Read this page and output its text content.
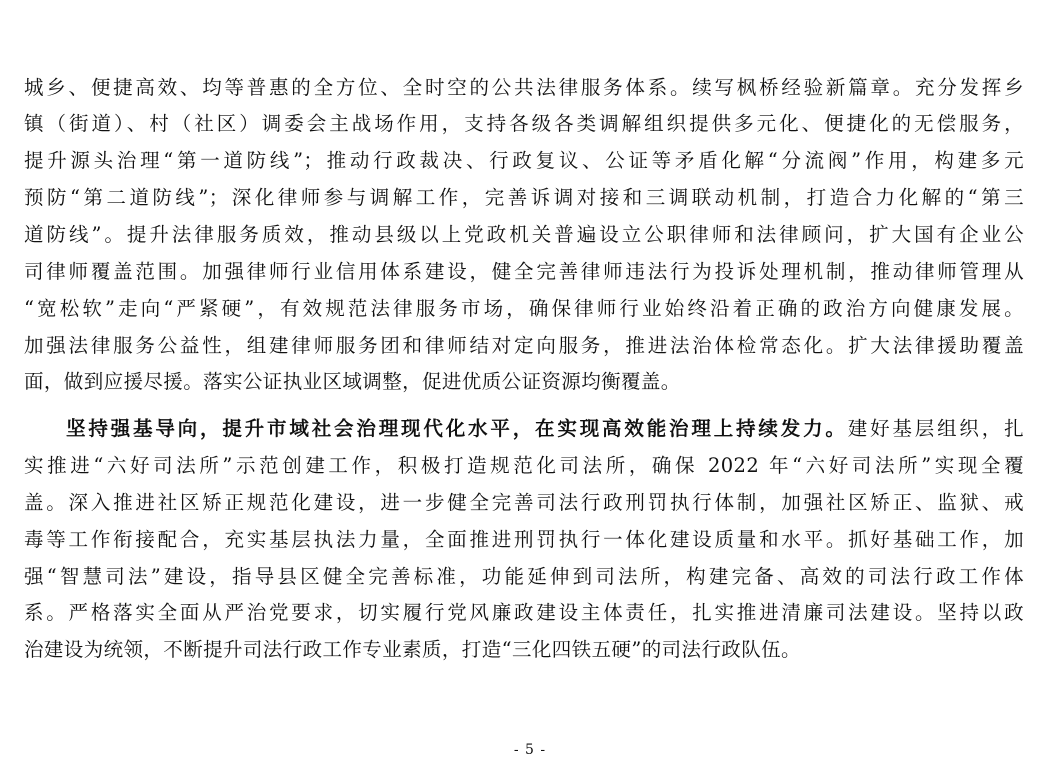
城乡、便捷高效、均等普惠的全方位、全时空的公共法律服务体系。续写枫桥经验新篇章。充分发挥乡
镇（街道）、村（社区）调委会主战场作用，支持各级各类调解组织提供多元化、便捷化的无偿服务，
提升源头治理“第一道防线”；推动行政裁决、行政复议、公证等矛盾化解“分流阀”作用，构建多元
预防“第二道防线”；深化律师参与调解工作，完善诉调对接和三调联动机制，打造合力化解的“第三
道防线”。提升法律服务质效，推动县级以上党政机关普遍设立公职律师和法律顾问，扩大国有企业公
司律师覆盖范围。加强律师行业信用体系建设，健全完善律师违法行为投诉处理机制，推动律师管理从
“宽松软”走向“严紧硬”，有效规范法律服务市场，确保律师行业始终沿着正确的政治方向健康发展。
加强法律服务公益性，组建律师服务团和律师结对定向服务，推进法治体检常态化。扩大法律援助覆盖
面，做到应援尽援。落实公证执业区域调整，促进优质公证资源均衡覆盖。
坚持强基导向，提升市域社会治理现代化水平，在实现高效能治理上持续发力。建好基层组织，扎
实推进“六好司法所”示范创建工作，积极打造规范化司法所，确保 2022 年“六好司法所”实现全覆
盖。深入推进社区矫正规范化建设，进一步健全完善司法行政刑罚执行体制，加强社区矫正、监狱、戒
毒等工作衔接配合，充实基层执法力量，全面推进刑罚执行一体化建设质量和水平。抓好基础工作，加
强“智慧司法”建设，指导县区健全完善标准，功能延伸到司法所，构建完备、高效的司法行政工作体
系。严格落实全面从严治党要求，切实履行党风廉政建设主体责任，扎实推进清廉司法建设。坚持以政
治建设为统领，不断提升司法行政工作专业素质，打造“三化四铁五硬”的司法行政队伍。
- 5 -
